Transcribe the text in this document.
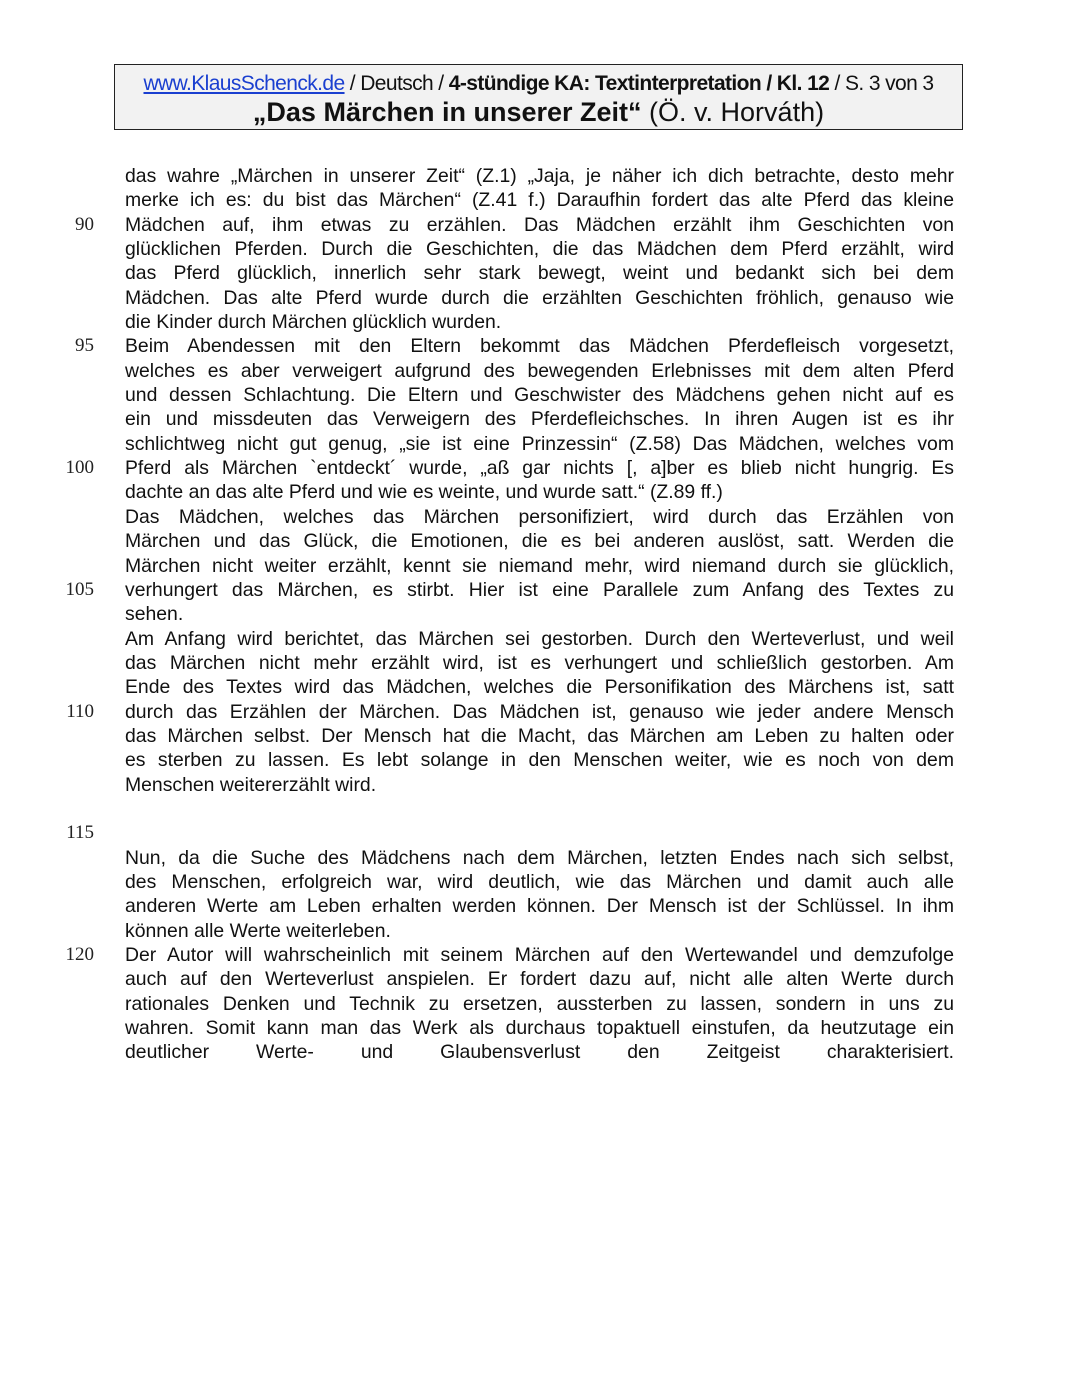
www.KlausSchenck.de / Deutsch / 4-stündige KA: Textinterpretation / Kl. 12 / S. 3 von 3
„Das Märchen in unserer Zeit“ (Ö. v. Horváth)
90
95
100
105
110
115
120
das wahre „Märchen in unserer Zeit“ (Z.1) „Jaja, je näher ich dich betrachte, desto mehr
merke ich es: du bist das Märchen“ (Z.41 f.) Daraufhin fordert das alte Pferd das kleine
Mädchen auf, ihm etwas zu erzählen. Das Mädchen erzählt ihm Geschichten von
glücklichen Pferden. Durch die Geschichten, die das Mädchen dem Pferd erzählt, wird
das Pferd glücklich, innerlich sehr stark bewegt, weint und bedankt sich bei dem
Mädchen. Das alte Pferd wurde durch die erzählten Geschichten fröhlich, genauso wie
die Kinder durch Märchen glücklich wurden.
Beim Abendessen mit den Eltern bekommt das Mädchen Pferdefleisch vorgesetzt,
welches es aber verweigert aufgrund des bewegenden Erlebnisses mit dem alten Pferd
und dessen Schlachtung. Die Eltern und Geschwister des Mädchens gehen nicht auf es
ein und missdeuten das Verweigern des Pferdefleichsches. In ihren Augen ist es ihr
schlichtweg nicht gut genug, „sie ist eine Prinzessin“ (Z.58) Das Mädchen, welches vom
Pferd als Märchen `entdeckt´ wurde, „aß gar nichts [, a]ber es blieb nicht hungrig. Es
dachte an das alte Pferd und wie es weinte, und wurde satt.“ (Z.89 ff.)
Das Mädchen, welches das Märchen personifiziert, wird durch das Erzählen von
Märchen und das Glück, die Emotionen, die es bei anderen auslöst, satt. Werden die
Märchen nicht weiter erzählt, kennt sie niemand mehr, wird niemand durch sie glücklich,
verhungert das Märchen, es stirbt. Hier ist eine Parallele zum Anfang des Textes zu
sehen.
Am Anfang wird berichtet, das Märchen sei gestorben. Durch den Werteverlust, und weil
das Märchen nicht mehr erzählt wird, ist es verhungert und schließlich gestorben. Am
Ende des Textes wird das Mädchen, welches die Personifikation des Märchens ist, satt
durch das Erzählen der Märchen. Das Mädchen ist, genauso wie jeder andere Mensch
das Märchen selbst. Der Mensch hat die Macht, das Märchen am Leben zu halten oder
es sterben zu lassen. Es lebt solange in den Menschen weiter, wie es noch von dem
Menschen weitererzählt wird.
Nun, da die Suche des Mädchens nach dem Märchen, letzten Endes nach sich selbst,
des Menschen, erfolgreich war, wird deutlich, wie das Märchen und damit auch alle
anderen Werte am Leben erhalten werden können. Der Mensch ist der Schlüssel. In ihm
können alle Werte weiterleben.
Der Autor will wahrscheinlich mit seinem Märchen auf den Wertewandel und demzufolge
auch auf den Werteverlust anspielen. Er fordert dazu auf, nicht alle alten Werte durch
rationales Denken und Technik zu ersetzen, aussterben zu lassen, sondern in uns zu
wahren. Somit kann man das Werk als durchaus topaktuell einstufen, da heutzutage ein
deutlicher Werte- und Glaubensverlust den Zeitgeist charakterisiert.
